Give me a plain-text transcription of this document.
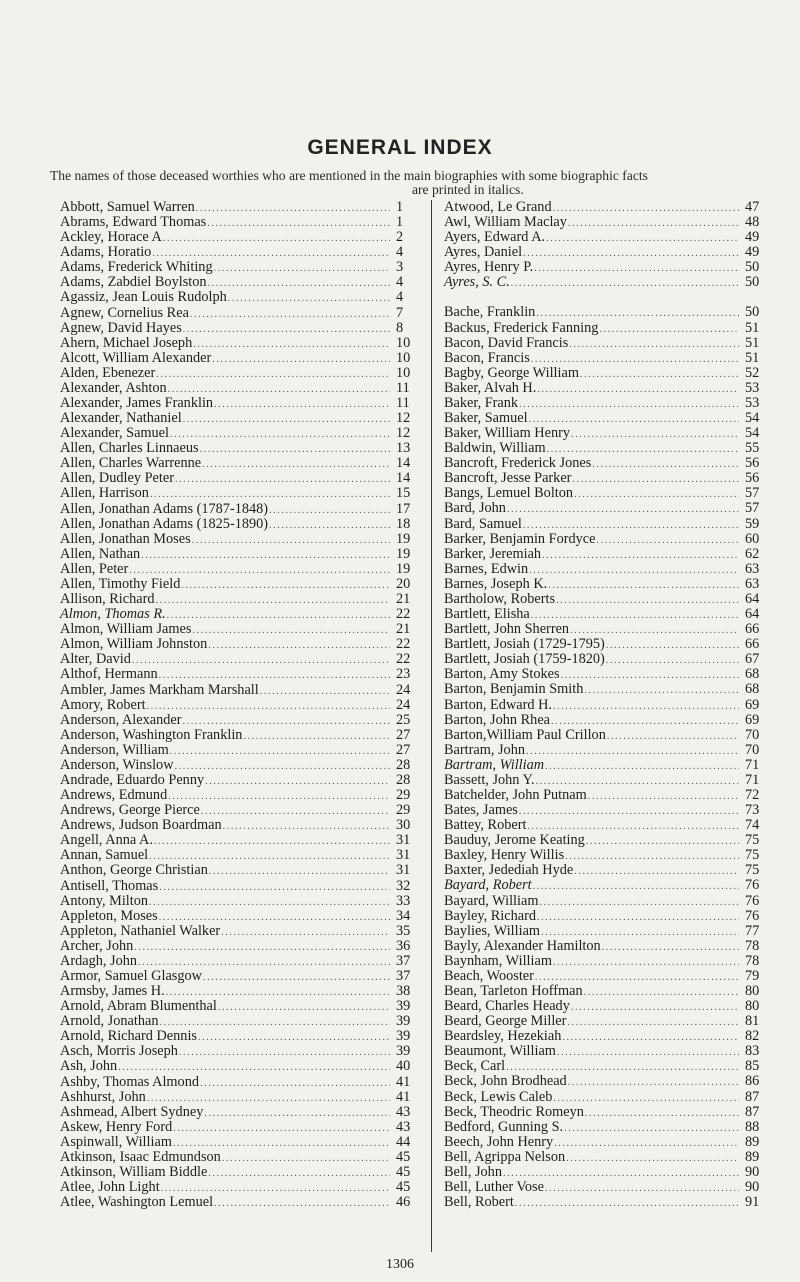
GENERAL INDEX

The names of those deceased worthies who are mentioned in the main biographies with some biographic facts
are printed in italics.

Abbott, Samuel Warren .....	1
Abrams, Edward Thomas .....	1
Ackley, Horace A .....	2
Adams, Horatio .....	4
Adams, Frederick Whiting .....	3
Adams, Zabdiel Boylston .....	4
Agassiz, Jean Louis Rudolph .....	4
Agnew, Cornelius Rea .....	7
Agnew, David Hayes .....	8
Ahern, Michael Joseph .....	10
Alcott, William Alexander .....	10
Alden, Ebenezer .....	10
Alexander, Ashton .....	11
Alexander, James Franklin .....	11
Alexander, Nathaniel .....	12
Alexander, Samuel .....	12
Allen, Charles Linnaeus .....	13
Allen, Charles Warrenne .....	14
Allen, Dudley Peter .....	14
Allen, Harrison .....	15
Allen, Jonathan Adams (1787-1848) .....	17
Allen, Jonathan Adams (1825-1890) .....	18
Allen, Jonathan Moses .....	19
Allen, Nathan .....	19
Allen, Peter .....	19
Allen, Timothy Field .....	20
Allison, Richard .....	21
Almon, Thomas R. .....	22
Almon, William James .....	21
Almon, William Johnston .....	22
Alter, David .....	22
Althof, Hermann .....	23
Ambler, James Markham Marshall .....	24
Amory, Robert .....	24
Anderson, Alexander .....	25
Anderson, Washington Franklin .....	27
Anderson, William .....	27
Anderson, Winslow .....	28
Andrade, Eduardo Penny .....	28
Andrews, Edmund .....	29
Andrews, George Pierce .....	29
Andrews, Judson Boardman .....	30
Angell, Anna A. .....	31
Annan, Samuel .....	31
Anthon, George Christian .....	31
Antisell, Thomas .....	32
Antony, Milton .....	33
Appleton, Moses .....	34
Appleton, Nathaniel Walker .....	35
Archer, John .....	36
Ardagh, John .....	37
Armor, Samuel Glasgow .....	37
Armsby, James H. .....	38
Arnold, Abram Blumenthal .....	39
Arnold, Jonathan .....	39
Arnold, Richard Dennis .....	39
Asch, Morris Joseph .....	39
Ash, John .....	40
Ashby, Thomas Almond .....	41
Ashhurst, John .....	41
Ashmead, Albert Sydney .....	43
Askew, Henry Ford .....	43
Aspinwall, William .....	44
Atkinson, Isaac Edmundson .....	45
Atkinson, William Biddle .....	45
Atlee, John Light .....	45
Atlee, Washington Lemuel .....	46
Atwood, Le Grand .....	47
Awl, William Maclay .....	48
Ayers, Edward A. .....	49
Ayres, Daniel .....	49
Ayres, Henry P. .....	50
Ayres, S. C. .....	50
Bache, Franklin .....	50
Backus, Frederick Fanning .....	51
Bacon, David Francis .....	51
Bacon, Francis .....	51
Bagby, George William .....	52
Baker, Alvah H. .....	53
Baker, Frank .....	53
Baker, Samuel .....	54
Baker, William Henry .....	54
Baldwin, William .....	55
Bancroft, Frederick Jones .....	56
Bancroft, Jesse Parker .....	56
Bangs, Lemuel Bolton .....	57
Bard, John .....	57
Bard, Samuel .....	59
Barker, Benjamin Fordyce .....	60
Barker, Jeremiah .....	62
Barnes, Edwin .....	63
Barnes, Joseph K. .....	63
Bartholow, Roberts .....	64
Bartlett, Elisha .....	64
Bartlett, John Sherren .....	66
Bartlett, Josiah (1729-1795) .....	66
Bartlett, Josiah (1759-1820) .....	67
Barton, Amy Stokes .....	68
Barton, Benjamin Smith .....	68
Barton, Edward H. .....	69
Barton, John Rhea .....	69
Barton,William Paul Crillon .....	70
Bartram, John .....	70
Bartram, William .....	71
Bassett, John Y. .....	71
Batchelder, John Putnam .....	72
Bates, James .....	73
Battey, Robert .....	74
Bauduy, Jerome Keating .....	75
Baxley, Henry Willis .....	75
Baxter, Jedediah Hyde .....	75
Bayard, Robert .....	76
Bayard, William .....	76
Bayley, Richard .....	76
Baylies, William .....	77
Bayly, Alexander Hamilton .....	78
Baynham, William .....	78
Beach, Wooster .....	79
Bean, Tarleton Hoffman .....	80
Beard, Charles Heady .....	80
Beard, George Miller .....	81
Beardsley, Hezekiah .....	82
Beaumont, William .....	83
Beck, Carl .....	85
Beck, John Brodhead .....	86
Beck, Lewis Caleb .....	87
Beck, Theodric Romeyn .....	87
Bedford, Gunning S. .....	88
Beech, John Henry .....	89
Bell, Agrippa Nelson .....	89
Bell, John .....	90
Bell, Luther Vose .....	90
Bell, Robert .....	91
1306
